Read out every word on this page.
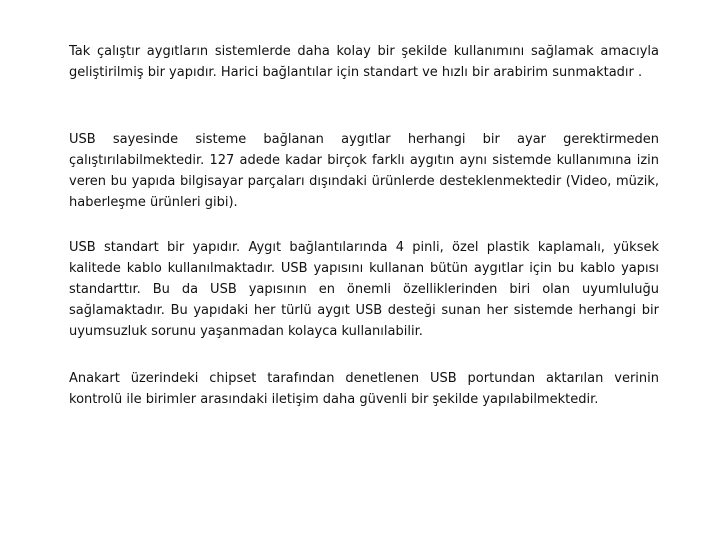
Tak çalıştır aygıtların sistemlerde daha kolay bir şekilde kullanımını sağlamak amacıyla geliştirilmiş bir yapıdır. Harici bağlantılar için standart ve hızlı bir arabirim sunmaktadır .

USB sayesinde sisteme bağlanan aygıtlar herhangi bir ayar gerektirmeden çalıştırılabilmektedir. 127 adede kadar birçok farklı aygıtın aynı sistemde kullanımına izin veren bu yapıda bilgisayar parçaları dışındaki ürünlerde desteklenmektedir (Video, müzik, haberleşme ürünleri gibi).

USB standart bir yapıdır. Aygıt bağlantılarında 4 pinli, özel plastik kaplamalı, yüksek kalitede kablo kullanılmaktadır. USB yapısını kullanan bütün aygıtlar için bu kablo yapısı standarttır. Bu da USB yapısının en önemli özelliklerinden biri olan uyumluluğu sağlamaktadır. Bu yapıdaki her türlü aygıt USB desteği sunan her sistemde herhangi bir uyumsuzluk sorunu yaşanmadan kolayca kullanılabilir.

Anakart üzerindeki chipset tarafından denetlenen USB portundan aktarılan verinin kontrolü ile birimler arasındaki iletişim daha güvenli bir şekilde yapılabilmektedir.
